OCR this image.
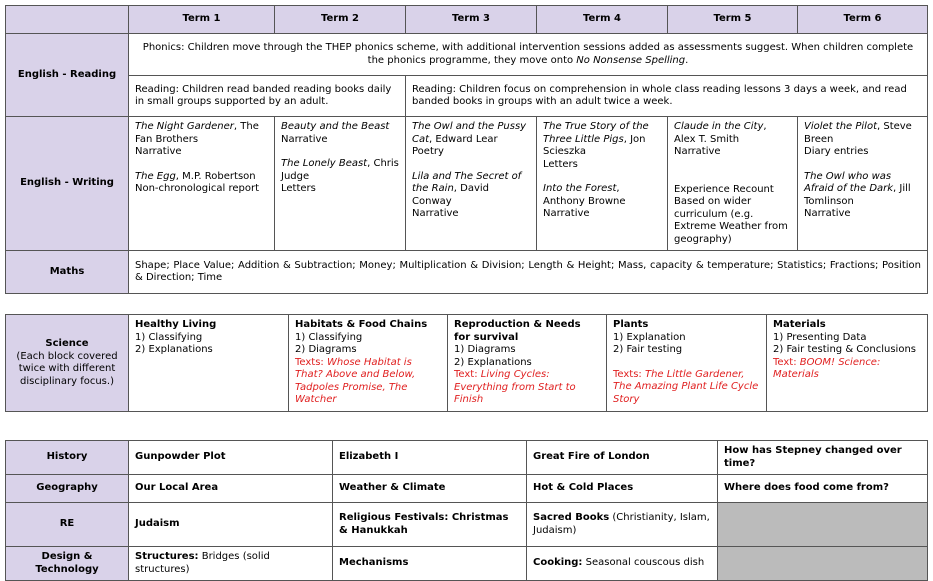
	Term 1	Term 2	Term 3	Term 4	Term 5	Term 6
English - Reading	Phonics: Children move through the THEP phonics scheme, with additional intervention sessions added as assessments suggest. When children complete the phonics programme, they move onto No Nonsense Spelling.					
	Reading: Children read banded reading books daily in small groups supported by an adult.		Reading: Children focus on comprehension in whole class reading lessons 3 days a week, and read banded books in groups with an adult twice a week.			
English - Writing	The Night Gardener, The Fan Brothers
Narrative
The Egg, M.P. Robertson
Non-chronological report	Beauty and the Beast
Narrative
The Lonely Beast, Chris Judge
Letters	The Owl and the Pussy Cat, Edward Lear
Poetry
Lila and The Secret of the Rain, David Conway
Narrative	The True Story of the Three Little Pigs, Jon Scieszka
Letters
Into the Forest, Anthony Browne
Narrative	Claude in the City, Alex T. Smith
Narrative
Experience Recount
Based on wider curriculum (e.g. Extreme Weather from geography)	Violet the Pilot, Steve Breen
Diary entries
The Owl who was Afraid of the Dark, Jill Tomlinson
Narrative
Maths	Shape; Place Value; Addition & Subtraction; Money; Multiplication & Division; Length & Height; Mass, capacity & temperature; Statistics; Fractions; Position & Direction; Time					
Science
(Each block covered twice with different disciplinary focus.)	Healthy Living
1) Classifying
2) Explanations	Habitats & Food Chains
1) Classifying
2) Diagrams
Texts: Whose Habitat is That? Above and Below, Tadpoles Promise, The Watcher	Reproduction & Needs for survival
1) Diagrams
2) Explanations
Text: Living Cycles: Everything from Start to Finish	Plants
1) Explanation
2) Fair testing
Texts: The Little Gardener, The Amazing Plant Life Cycle Story	Materials
1) Presenting Data
2) Fair testing & Conclusions
Text: BOOM! Science: Materials
History	Gunpowder Plot	Elizabeth I	Great Fire of London	How has Stepney changed over time?
Geography	Our Local Area	Weather & Climate	Hot & Cold Places	Where does food come from?
RE	Judaism	Religious Festivals: Christmas & Hanukkah	Sacred Books (Christianity, Islam, Judaism)	
Design & Technology	Structures: Bridges (solid structures)	Mechanisms	Cooking: Seasonal couscous dish	
